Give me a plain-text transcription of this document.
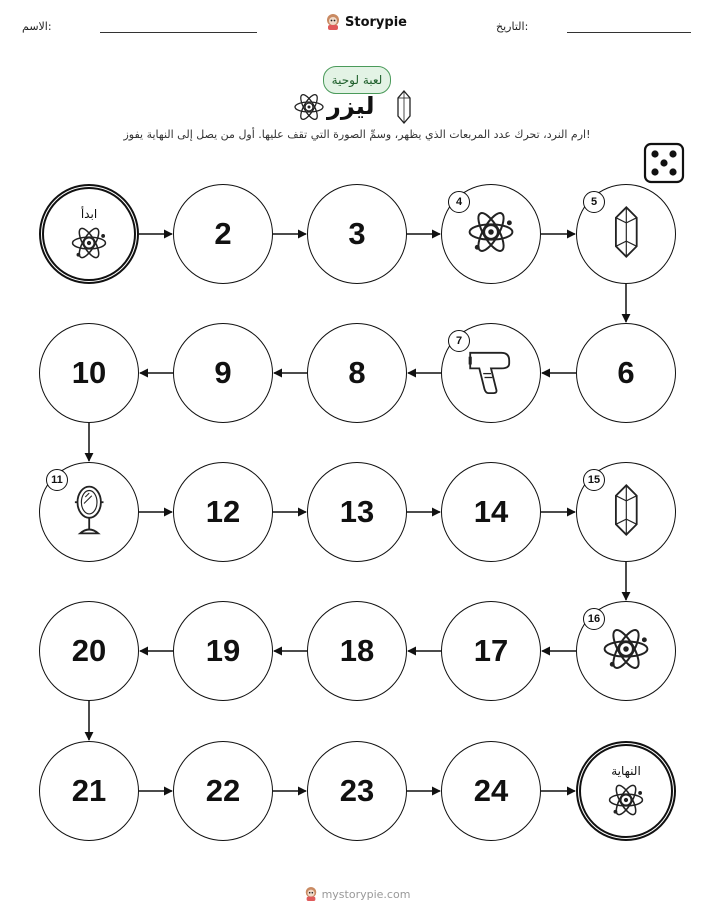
الاسم:	Storypie	التاريخ:
لعبة لوحية
ليزر
ارم النرد، تحرك عدد المربعات الذي يظهر، وسمِّ الصورة التي تقف عليها. أول من يصل إلى النهاية يفوز!
ابدأ
2	3
4	5
6
7
8
9
10
11
12	13	14
15
16
17
18
19
20
21	22	23	24
النهاية
mystorypie.com
